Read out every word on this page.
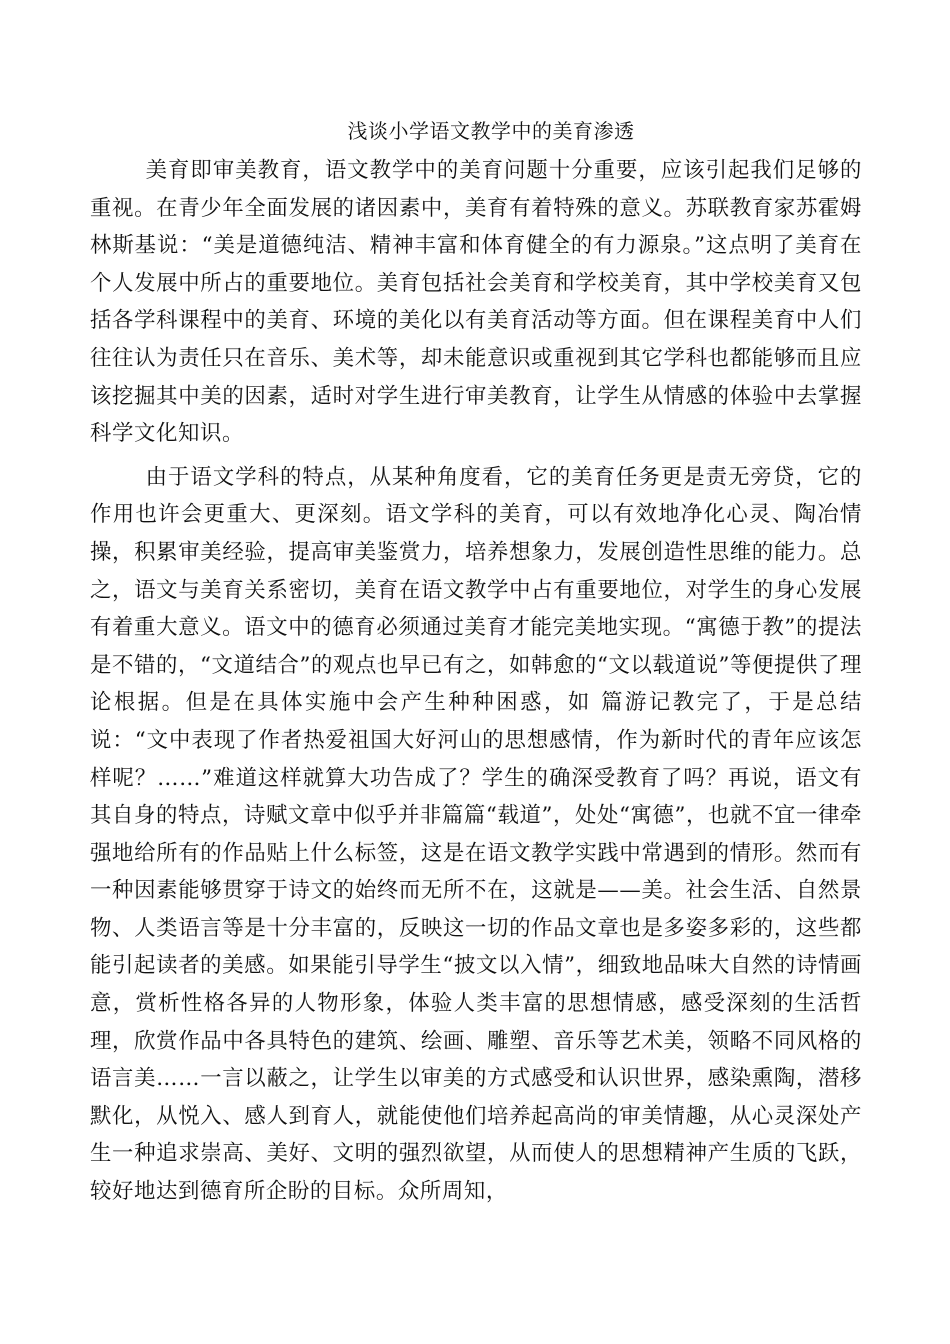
浅谈小学语文教学中的美育渗透

美育即审美教育，语文教学中的美育问题十分重要，应该引起我们足够的重视。在青少年全面发展的诸因素中，美育有着特殊的意义。苏联教育家苏霍姆林斯基说：“美是道德纯洁、精神丰富和体育健全的有力源泉。”这点明了美育在个人发展中所占的重要地位。美育包括社会美育和学校美育，其中学校美育又包括各学科课程中的美育、环境的美化以有美育活动等方面。但在课程美育中人们往往认为责任只在音乐、美术等，却未能意识或重视到其它学科也都能够而且应该挖掘其中美的因素，适时对学生进行审美教育，让学生从情感的体验中去掌握科学文化知识。

由于语文学科的特点，从某种角度看，它的美育任务更是责无旁贷，它的作用也许会更重大、更深刻。语文学科的美育，可以有效地净化心灵、陶冶情操，积累审美经验，提高审美鉴赏力，培养想象力，发展创造性思维的能力。总之，语文与美育关系密切，美育在语文教学中占有重要地位，对学生的身心发展有着重大意义。语文中的德育必须通过美育才能完美地实现。“寓德于教”的提法是不错的，“文道结合”的观点也早已有之，如韩愈的“文以载道说”等便提供了理论根据。但是在具体实施中会产生种种困惑，如 篇游记教完了，于是总结说：“文中表现了作者热爱祖国大好河山的思想感情，作为新时代的青年应该怎样呢？……”难道这样就算大功告成了？学生的确深受教育了吗？再说，语文有其自身的特点，诗赋文章中似乎并非篇篇“载道”，处处“寓德”，也就不宜一律牵强地给所有的作品贴上什么标签，这是在语文教学实践中常遇到的情形。然而有一种因素能够贯穿于诗文的始终而无所不在，这就是——美。社会生活、自然景物、人类语言等是十分丰富的，反映这一切的作品文章也是多姿多彩的，这些都能引起读者的美感。如果能引导学生“披文以入情”，细致地品味大自然的诗情画意，赏析性格各异的人物形象，体验人类丰富的思想情感，感受深刻的生活哲理，欣赏作品中各具特色的建筑、绘画、雕塑、音乐等艺术美，领略不同风格的语言美……一言以蔽之，让学生以审美的方式感受和认识世界，感染熏陶，潜移默化，从悦入、感人到育人，就能使他们培养起高尚的审美情趣，从心灵深处产生一种追求崇高、美好、文明的强烈欲望，从而使人的思想精神产生质的飞跃，较好地达到德育所企盼的目标。众所周知，
